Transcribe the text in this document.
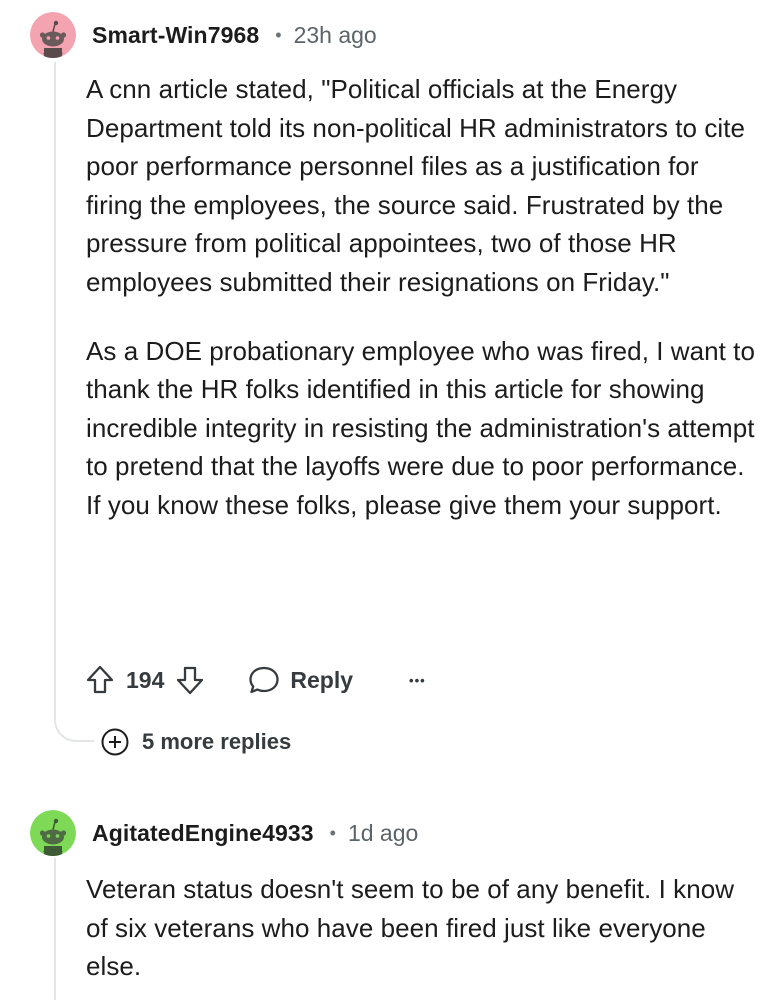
Smart-Win7968 • 23h ago

A cnn article stated, "Political officials at the Energy Department told its non-political HR administrators to cite poor performance personnel files as a justification for firing the employees, the source said. Frustrated by the pressure from political appointees, two of those HR employees submitted their resignations on Friday."

As a DOE probationary employee who was fired, I want to thank the HR folks identified in this article for showing incredible integrity in resisting the administration's attempt to pretend that the layoffs were due to poor performance. If you know these folks, please give them your support.

194	Reply	•••
5 more replies
AgitatedEngine4933 • 1d ago

Veteran status doesn't seem to be of any benefit. I know of six veterans who have been fired just like everyone else.
